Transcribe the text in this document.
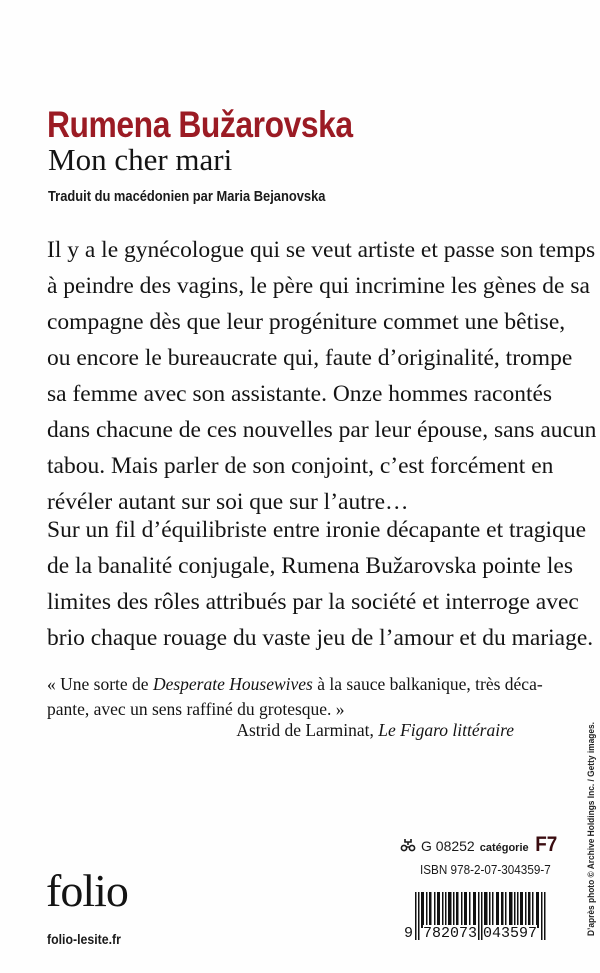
Rumena Bužarovska
Mon cher mari
Traduit du macédonien par Maria Bejanovska
Il y a le gynécologue qui se veut artiste et passe son temps
à peindre des vagins, le père qui incrimine les gènes de sa
compagne dès que leur progéniture commet une bêtise,
ou encore le bureaucrate qui, faute d’originalité, trompe
sa femme avec son assistante. Onze hommes racontés
dans chacune de ces nouvelles par leur épouse, sans aucun
tabou. Mais parler de son conjoint, c’est forcément en
révéler autant sur soi que sur l’autre…
Sur un fil d’équilibriste entre ironie décapante et tragique
de la banalité conjugale, Rumena Bužarovska pointe les
limites des rôles attribués par la société et interroge avec
brio chaque rouage du vaste jeu de l’amour et du mariage.
« Une sorte de Desperate Housewives à la sauce balkanique, très déca-
pante, avec un sens raffiné du grotesque. »
Astrid de Larminat, Le Figaro littéraire	D’après photo © Archive Holdings Inc. / Getty images.
G 08252 catégorie F7
ISBN 978-2-07-304359-7
9 782073 043597
folio
folio-lesite.fr
